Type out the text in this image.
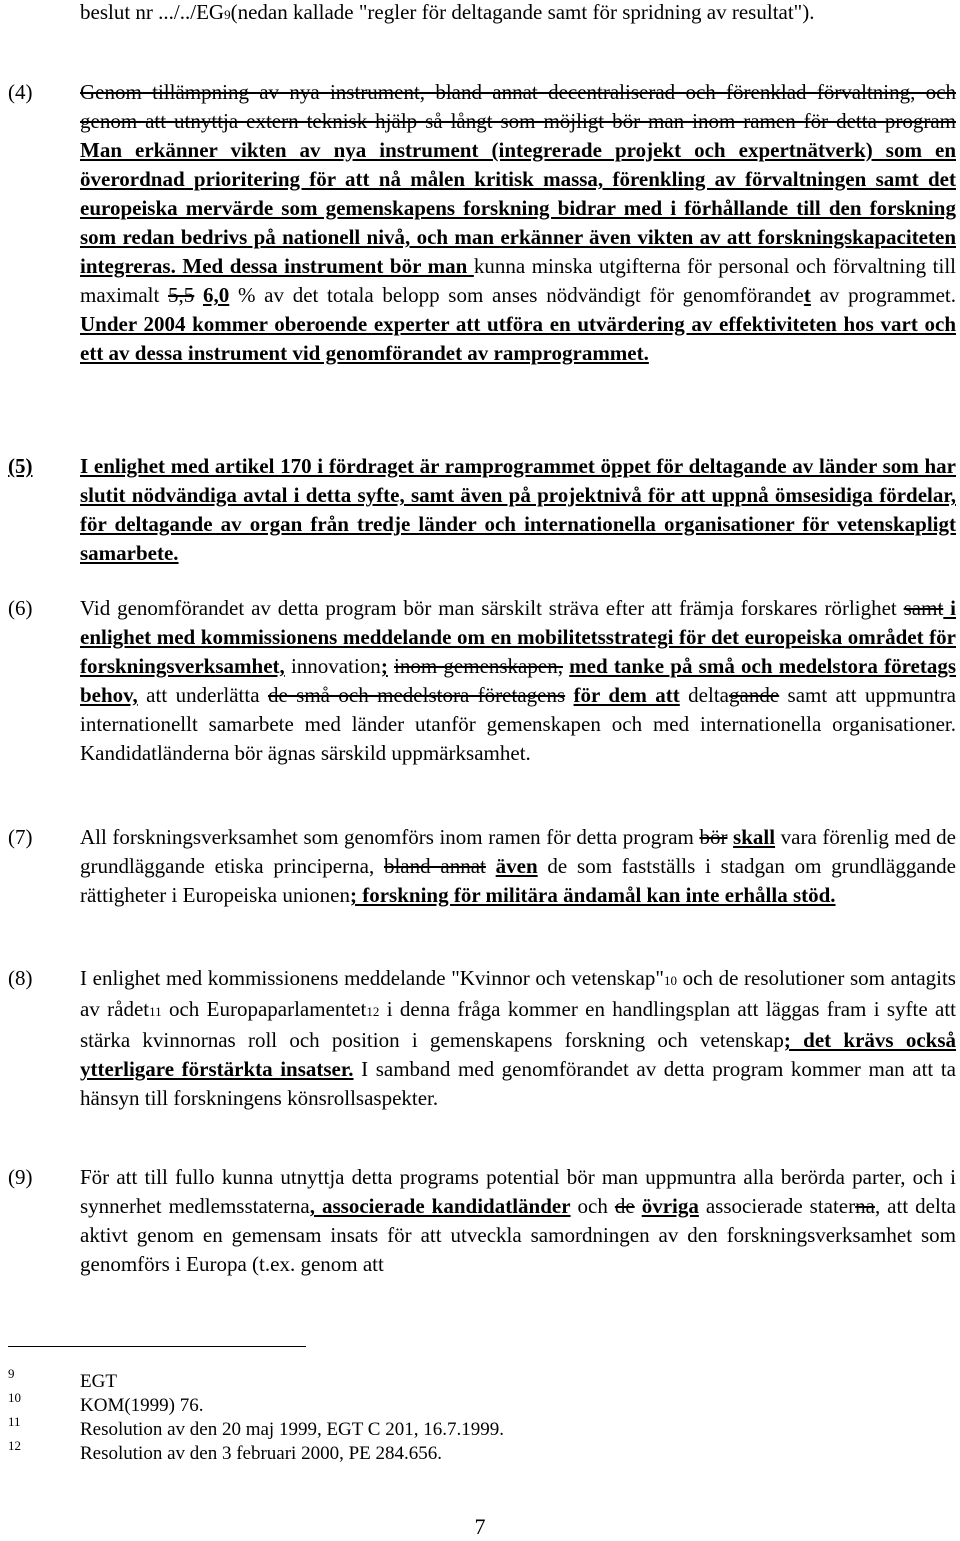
beslut nr .../../EG9(nedan kallade "regler för deltagande samt för spridning av resultat").
(4)	Genom tillämpning av nya instrument, bland annat decentraliserad och förenklad förvaltning, och genom att utnyttja extern teknisk hjälp så långt som möjligt bör man inom ramen för detta program Man erkänner vikten av nya instrument (integrerade projekt och expertnätverk) som en överordnad prioritering för att nå målen kritisk massa, förenkling av förvaltningen samt det europeiska mervärde som gemenskapens forskning bidrar med i förhållande till den forskning som redan bedrivs på nationell nivå, och man erkänner även vikten av att forskningskapaciteten integreras. Med dessa instrument bör man kunna minska utgifterna för personal och förvaltning till maximalt 5,5 6,0 % av det totala belopp som anses nödvändigt för genomförandet av programmet. Under 2004 kommer oberoende experter att utföra en utvärdering av effektiviteten hos vart och ett av dessa instrument vid genomförandet av ramprogrammet.
(5)	I enlighet med artikel 170 i fördraget är ramprogrammet öppet för deltagande av länder som har slutit nödvändiga avtal i detta syfte, samt även på projektnivå för att uppnå ömsesidiga fördelar, för deltagande av organ från tredje länder och internationella organisationer för vetenskapligt samarbete.
(6)	Vid genomförandet av detta program bör man särskilt sträva efter att främja forskares rörlighet samt i enlighet med kommissionens meddelande om en mobilitetsstrategi för det europeiska området för forskningsverksamhet, innovation; inom gemenskapen, med tanke på små och medelstora företags behov, att underlätta de små och medelstora företagens för dem att deltagande samt att uppmuntra internationellt samarbete med länder utanför gemenskapen och med internationella organisationer. Kandidatländerna bör ägnas särskild uppmärksamhet.
(7)	All forskningsverksamhet som genomförs inom ramen för detta program bör skall vara förenlig med de grundläggande etiska principerna, bland annat även de som fastställs i stadgan om grundläggande rättigheter i Europeiska unionen; forskning för militära ändamål kan inte erhålla stöd.
(8)	I enlighet med kommissionens meddelande "Kvinnor och vetenskap"10 och de resolutioner som antagits av rådet11 och Europaparlamentet12 i denna fråga kommer en handlingsplan att läggas fram i syfte att stärka kvinnornas roll och position i gemenskapens forskning och vetenskap; det krävs också ytterligare förstärkta insatser. I samband med genomförandet av detta program kommer man att ta hänsyn till forskningens könsrollsaspekter.
(9)	För att till fullo kunna utnyttja detta programs potential bör man uppmuntra alla berörda parter, och i synnerhet medlemsstaterna, associerade kandidatländer och de övriga associerade staterna, att delta aktivt genom en gemensam insats för att utveckla samordningen av den forskningsverksamhet som genomförs i Europa (t.ex. genom att
9	EGT
10	KOM(1999) 76.
11	Resolution av den 20 maj 1999, EGT C 201, 16.7.1999.
12	Resolution av den 3 februari 2000, PE 284.656.
7
